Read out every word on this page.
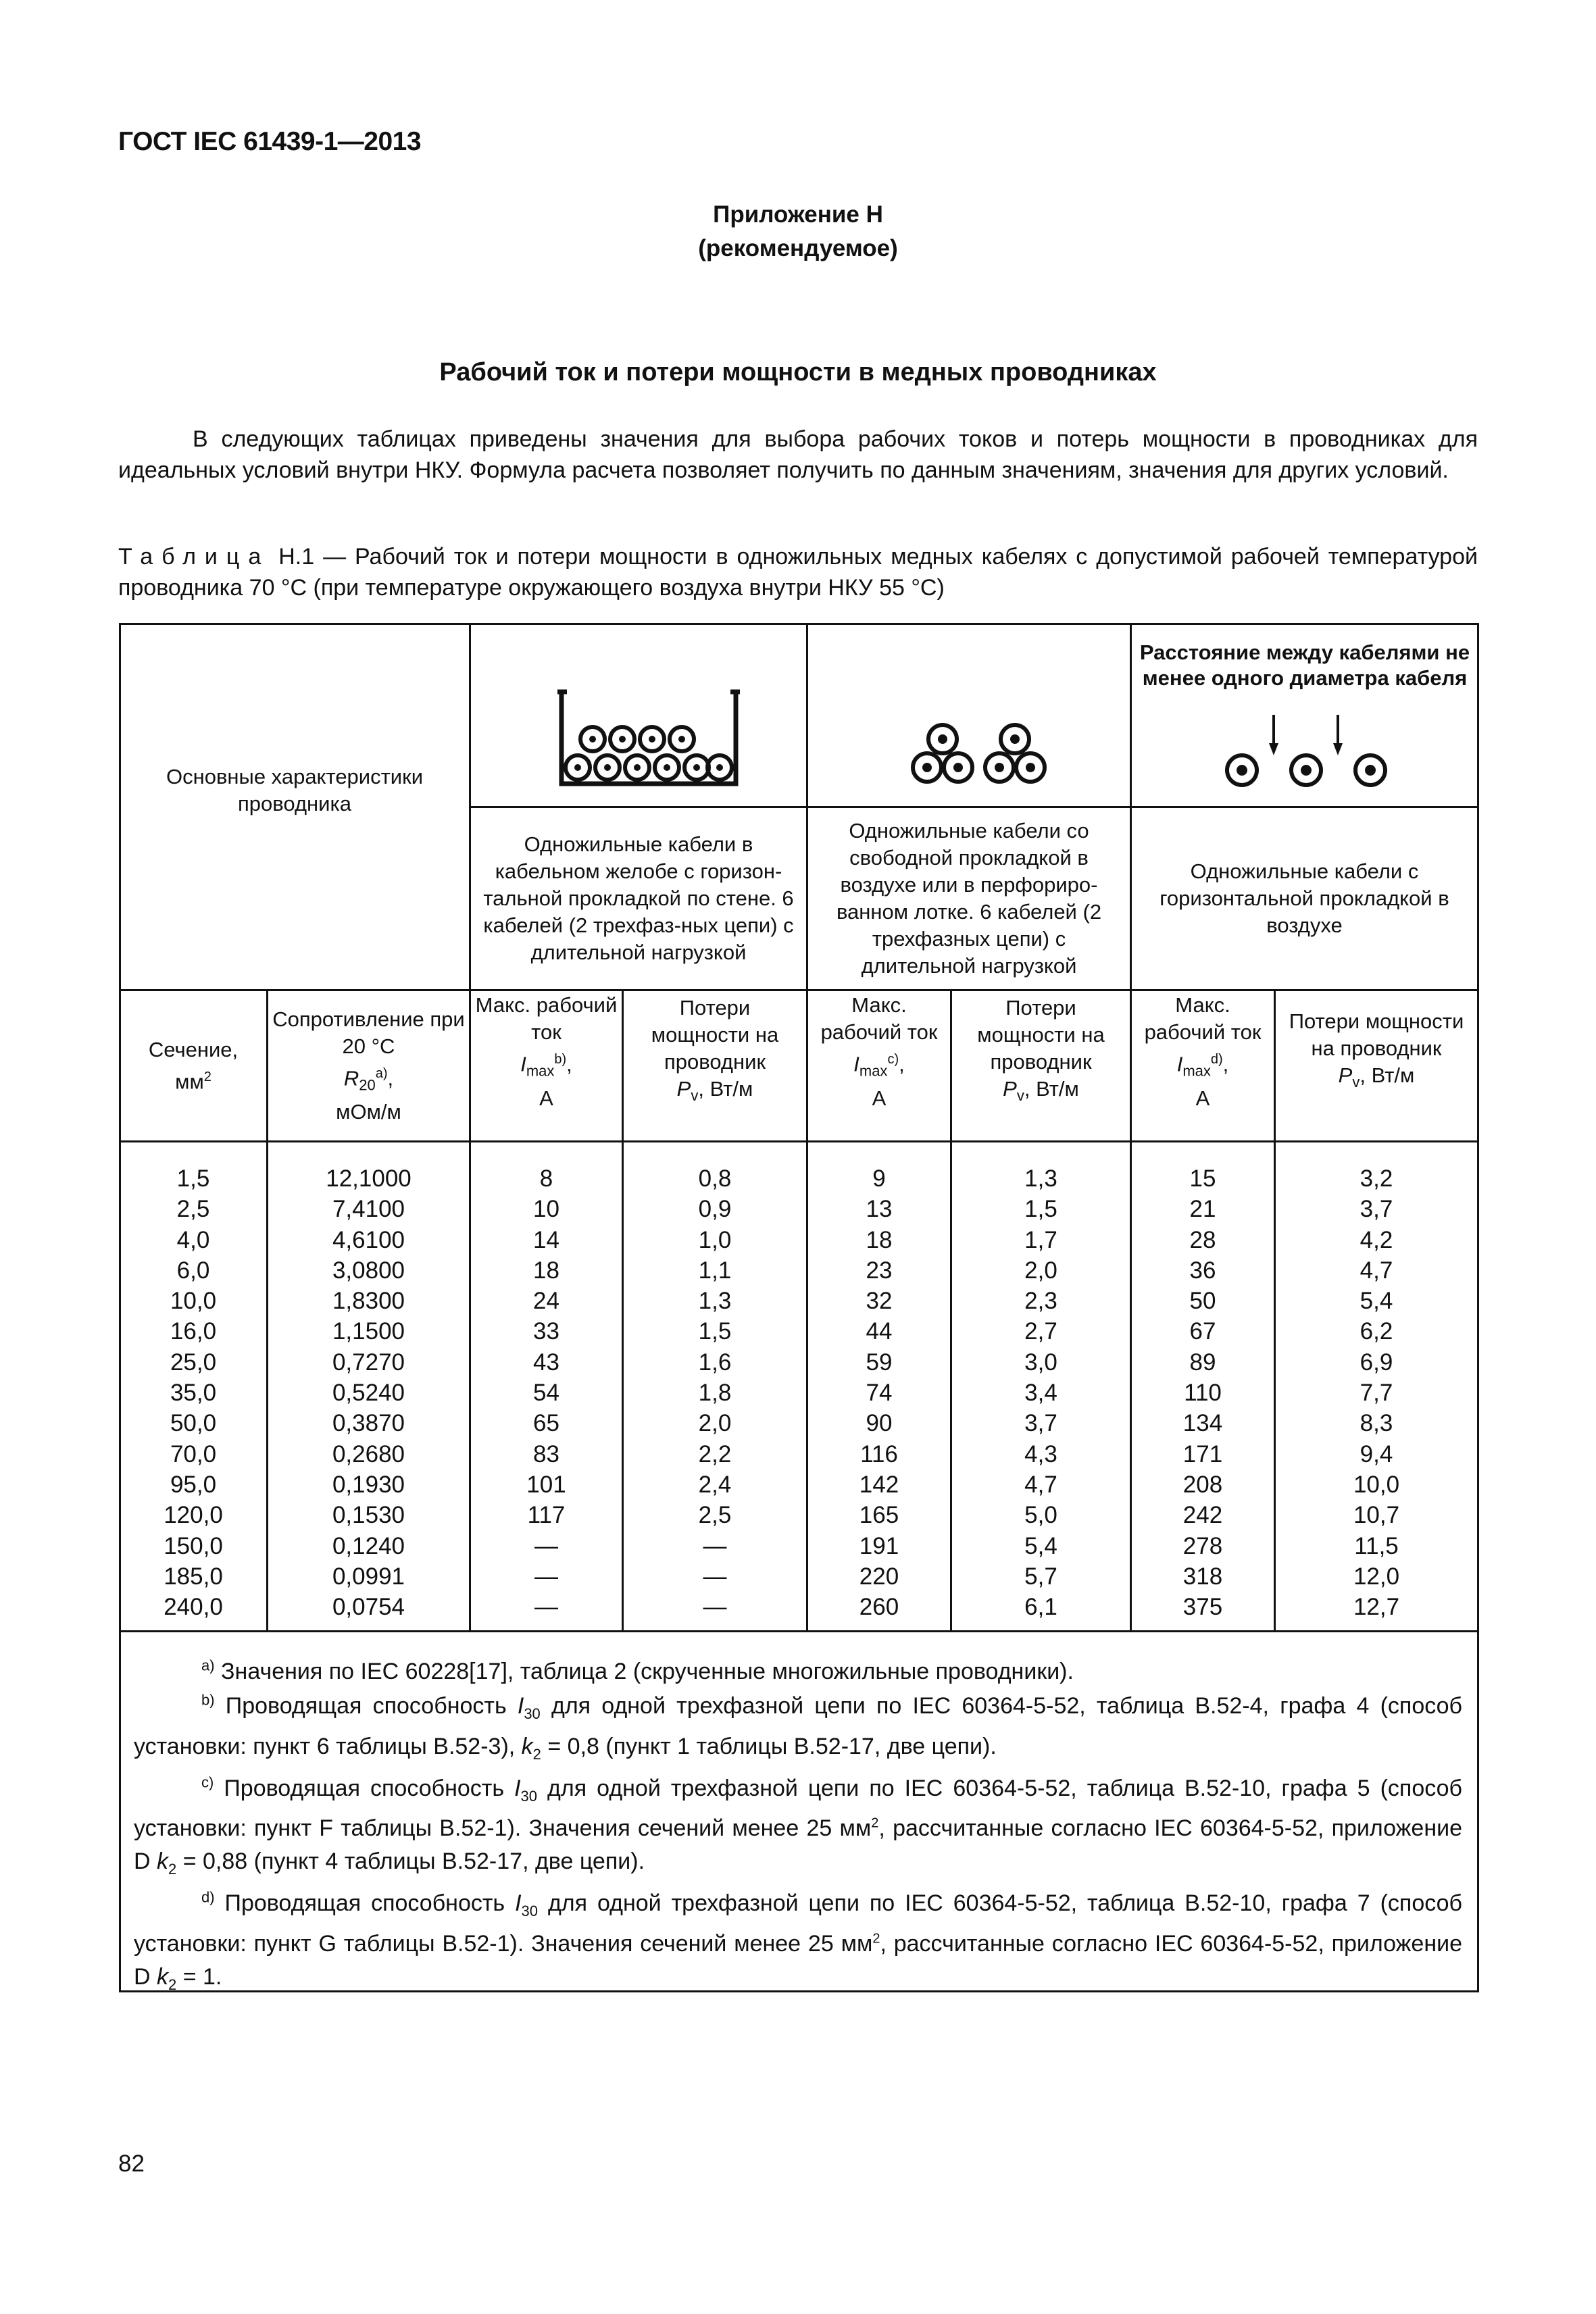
ГОСТ IEC 61439-1—2013
Приложение Н
(рекомендуемое)
Рабочий ток и потери мощности в медных проводниках

В следующих таблицах приведены значения для выбора рабочих токов и потерь мощности в проводниках для идеальных условий внутри НКУ. Формула расчета позволяет получить по данным значениям, значения для других условий.

Таблица Н.1 — Рабочий ток и потери мощности в одножильных медных кабелях с допустимой рабочей температурой проводника 70 °C (при температуре окружающего воздуха внутри НКУ 55 °C)

Основные характеристики проводника
Расстояние между кабелями не менее одного диаметра кабеля
Одножильные кабели в кабельном желобе с горизон-тальной прокладкой по стене. 6 кабелей (2 трехфаз-ных цепи) с длительной нагрузкой
Одножильные кабели со свободной прокладкой в воздухе или в перфориро-ванном лотке. 6 кабелей (2 трехфазных цепи) с длительной нагрузкой
Одножильные кабели с горизонтальной прокладкой в воздухе
Сечение,
$мм^2$
Сопротивление при 20 °C
$R_{20}^{a)}$,
мОм/м
Макс. рабочий ток
$I_{max}^{b)}$,
А
Потери мощности на проводник
$P_v$, Вт/м
Макс. рабочий ток
$I_{max}^{c)}$,
А
Потери мощности на проводник
$P_v$, Вт/м
Макс. рабочий ток
$I_{max}^{d)}$,
А
Потери мощности на проводник
$P_v$, Вт/м
1,5
2,5
4,0
6,0
10,0
16,0
25,0
35,0
50,0
70,0
95,0
120,0
150,0
185,0
240,0
12,1000
7,4100
4,6100
3,0800
1,8300
1,1500
0,7270
0,5240
0,3870
0,2680
0,1930
0,1530
0,1240
0,0991
0,0754
8
10
14
18
24
33
43
54
65
83
101
117
—
—
—
0,8
0,9
1,0
1,1
1,3
1,5
1,6
1,8
2,0
2,2
2,4
2,5
—
—
—
9
13
18
23
32
44
59
74
90
116
142
165
191
220
260
1,3
1,5
1,7
2,0
2,3
2,7
3,0
3,4
3,7
4,3
4,7
5,0
5,4
5,7
6,1
15
21
28
36
50
67
89
110
134
171
208
242
278
318
375
3,2
3,7
4,2
4,7
5,4
6,2
6,9
7,7
8,3
9,4
10,0
10,7
11,5
12,0
12,7

$^{a)}$ Значения по IEC 60228[17], таблица 2 (скрученные многожильные проводники).

$^{b)}$ Проводящая способность $I_{30}$ для одной трехфазной цепи по IEC 60364-5-52, таблица В.52-4, графа 4 (способ установки: пункт 6 таблицы В.52-3), $k_2 = 0,8$ (пункт 1 таблицы В.52-17, две цепи).

$^{c)}$ Проводящая способность $I_{30}$ для одной трехфазной цепи по IEC 60364-5-52, таблица В.52-10, графа 5 (способ установки: пункт F таблицы В.52-1). Значения сечений менее 25 $мм^2$, рассчитанные согласно IEC 60364-5-52, приложение D $k_2 = 0,88$ (пункт 4 таблицы В.52-17, две цепи).

$^{d)}$ Проводящая способность $I_{30}$ для одной трехфазной цепи по IEC 60364-5-52, таблица В.52-10, графа 7 (способ установки: пункт G таблицы В.52-1). Значения сечений менее 25 $мм^2$, рассчитанные согласно IEC 60364-5-52, приложение D $k_2 = 1$.

82
